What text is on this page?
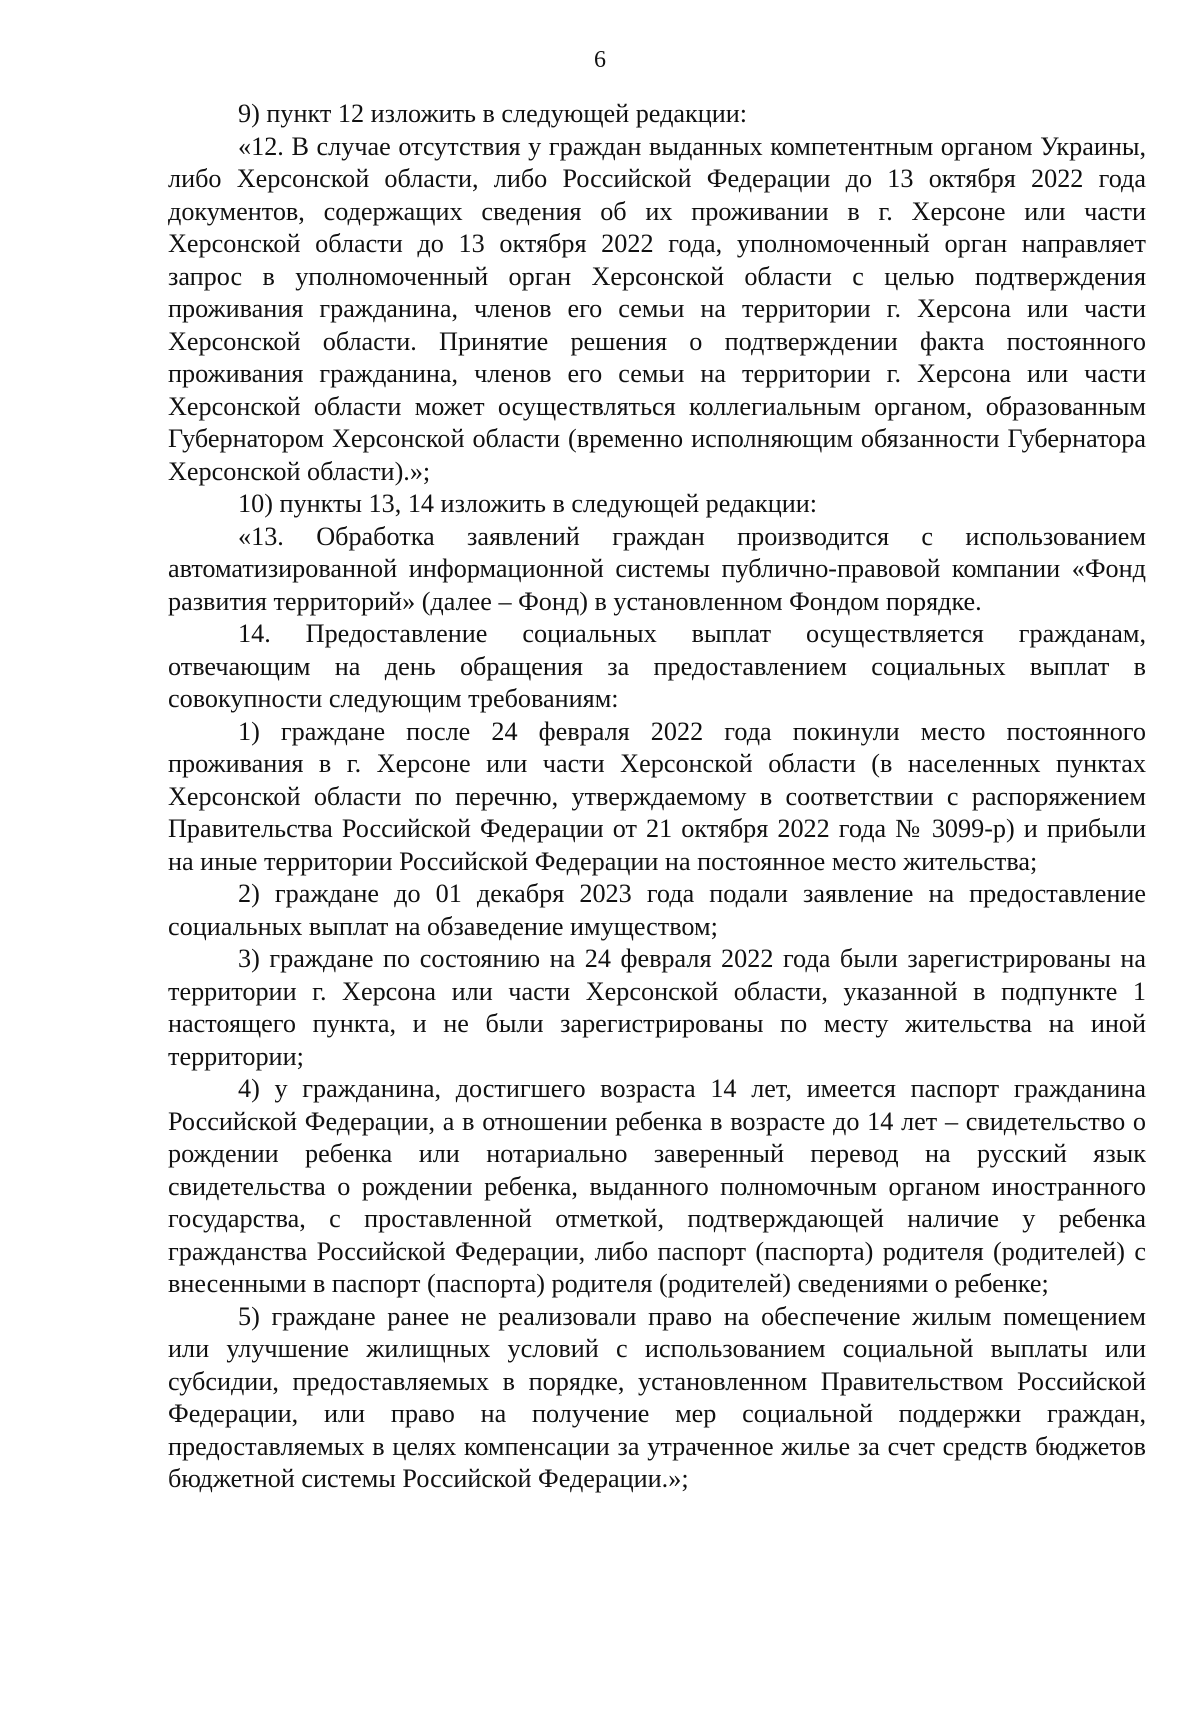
6

9) пункт 12 изложить в следующей редакции:

«12. В случае отсутствия у граждан выданных компетентным органом Украины, либо Херсонской области, либо Российской Федерации до 13 октября 2022 года документов, содержащих сведения об их проживании в г. Херсоне или части Херсонской области до 13 октября 2022 года, уполномоченный орган направляет запрос в уполномоченный орган Херсонской области с целью подтверждения проживания гражданина, членов его семьи на территории г. Херсона или части Херсонской области. Принятие решения о подтверждении факта постоянного проживания гражданина, членов его семьи на территории г. Херсона или части Херсонской области может осуществляться коллегиальным органом, образованным Губернатором Херсонской области (временно исполняющим обязанности Губернатора Херсонской области).»;

10) пункты 13, 14 изложить в следующей редакции:

«13. Обработка заявлений граждан производится с использованием автоматизированной информационной системы публично-правовой компании «Фонд развития территорий» (далее – Фонд) в установленном Фондом порядке.

14. Предоставление социальных выплат осуществляется гражданам, отвечающим на день обращения за предоставлением социальных выплат в совокупности следующим требованиям:

1) граждане после 24 февраля 2022 года покинули место постоянного проживания в г. Херсоне или части Херсонской области (в населенных пунктах Херсонской области по перечню, утверждаемому в соответствии с распоряжением Правительства Российской Федерации от 21 октября 2022 года № 3099-р) и прибыли на иные территории Российской Федерации на постоянное место жительства;

2) граждане до 01 декабря 2023 года подали заявление на предоставление социальных выплат на обзаведение имуществом;

3) граждане по состоянию на 24 февраля 2022 года были зарегистрированы на территории г. Херсона или части Херсонской области, указанной в подпункте 1 настоящего пункта, и не были зарегистрированы по месту жительства на иной территории;

4) у гражданина, достигшего возраста 14 лет, имеется паспорт гражданина Российской Федерации, а в отношении ребенка в возрасте до 14 лет – свидетельство о рождении ребенка или нотариально заверенный перевод на русский язык свидетельства о рождении ребенка, выданного полномочным органом иностранного государства, с проставленной отметкой, подтверждающей наличие у ребенка гражданства Российской Федерации, либо паспорт (паспорта) родителя (родителей) с внесенными в паспорт (паспорта) родителя (родителей) сведениями о ребенке;

5) граждане ранее не реализовали право на обеспечение жилым помещением или улучшение жилищных условий с использованием социальной выплаты или субсидии, предоставляемых в порядке, установленном Правительством Российской Федерации, или право на получение мер социальной поддержки граждан, предоставляемых в целях компенсации за утраченное жилье за счет средств бюджетов бюджетной системы Российской Федерации.»;
